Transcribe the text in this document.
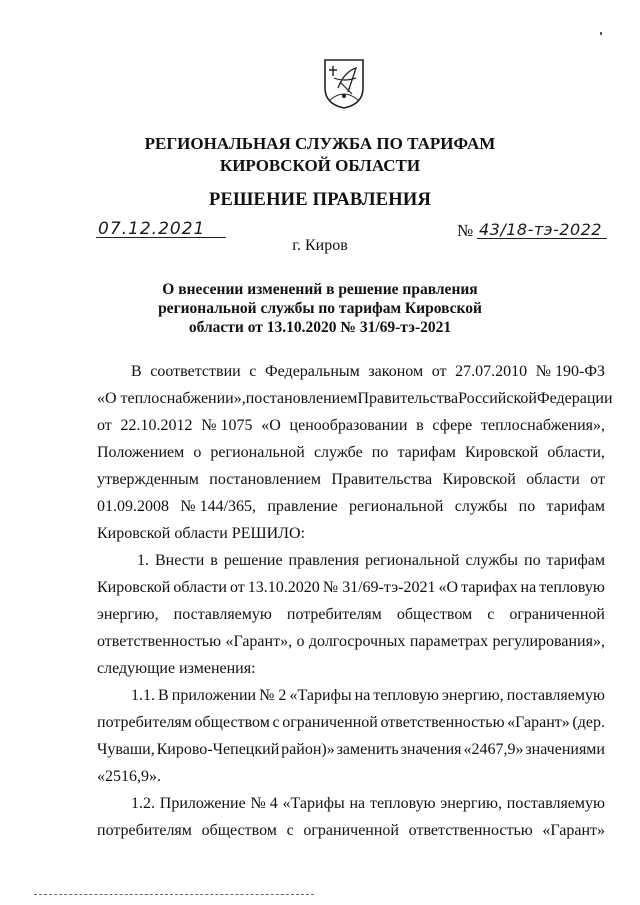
РЕГИОНАЛЬНАЯ СЛУЖБА ПО ТАРИФАМ
КИРОВСКОЙ ОБЛАСТИ
РЕШЕНИЕ ПРАВЛЕНИЯ
07.12.2021	№ 43/18-тэ-2022
г. Киров
О внесении изменений в решение правления
региональной службы по тарифам Кировской
области от 13.10.2020 № 31/69-тэ-2021
В соответствии с Федеральным законом от 27.07.2010 № 190-ФЗ
«О теплоснабжении», постановлением Правительства Российской Федерации
от 22.10.2012 № 1075 «О ценообразовании в сфере теплоснабжения»,
Положением о региональной службе по тарифам Кировской области,
утвержденным постановлением Правительства Кировской области от
01.09.2008 № 144/365, правление региональной службы по тарифам
Кировской области РЕШИЛО:
1. Внести в решение правления региональной службы по тарифам
Кировской области от 13.10.2020 № 31/69-тэ-2021 «О тарифах на тепловую
энергию, поставляемую потребителям обществом с ограниченной
ответственностью «Гарант», о долгосрочных параметрах регулирования»,
следующие изменения:
1.1. В приложении № 2 «Тарифы на тепловую энергию, поставляемую
потребителям обществом с ограниченной ответственностью «Гарант» (дер.
Чуваши, Кирово-Чепецкий район)» заменить значения «2467,9» значениями
«2516,9».
1.2. Приложение № 4 «Тарифы на тепловую энергию, поставляемую
потребителям обществом с ограниченной ответственностью «Гарант»
